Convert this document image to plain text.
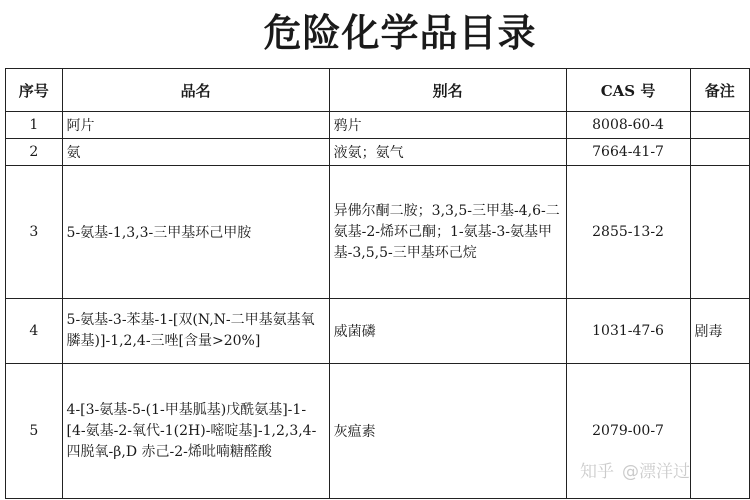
危险化学品目录
序号	品名	别名	CAS 号	备注
1	阿片	鸦片	8008-60-4	
2	氨	液氨；氨气	7664-41-7	
3	5-氨基-1,3,3-三甲基环己甲胺	异佛尔酮二胺；3,3,5-三甲基-4,6-二氨基-2-烯环己酮；1-氨基-3-氨基甲基-3,5,5-三甲基环己烷	2855-13-2	
4	5-氨基-3-苯基-1-[双(N,N-二甲基氨基氧膦基)]-1,2,4-三唑[含量>20%]	威菌磷	1031-47-6	剧毒
5	4-[3-氨基-5-(1-甲基胍基)戊酰氨基]-1-[4-氨基-2-氧代-1(2H)-嘧啶基]-1,2,3,4-四脱氧-β,D 赤己-2-烯吡喃糖醛酸	灰瘟素	2079-00-7	
知乎 @漂洋过
